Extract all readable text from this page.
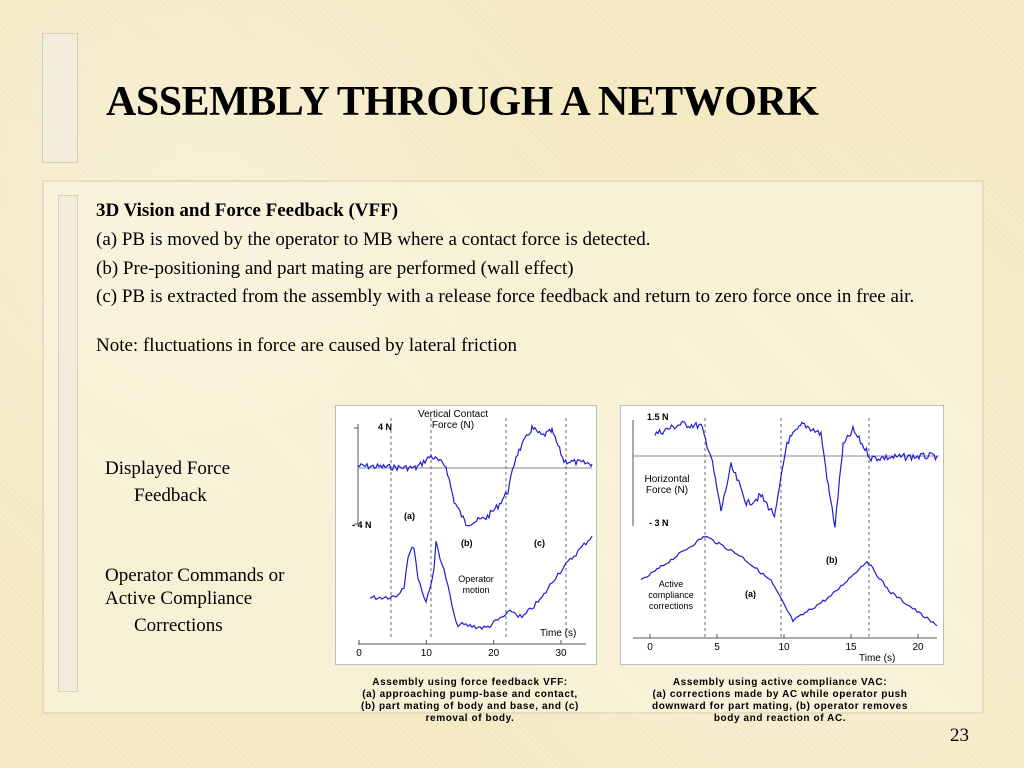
ASSEMBLY THROUGH A NETWORK

3D Vision and Force Feedback (VFF)

(a) PB is moved by the operator to MB where a contact force is detected.

(b) Pre-positioning and part mating are performed (wall effect)

(c) PB is extracted from the assembly with a release force feedback and return to zero force once in free air.

Note: fluctuations in force are caused by lateral friction

Displayed Force
Feedback
Operator Commands or
Active Compliance
Corrections
Vertical Contact
Force (N)
4 N
- 4 N
(a)
(b)	(c)
Operator
motion
Time (s)
0	10	20	30
1.5 N
- 3 N
Horizontal
Force (N)
(b)
(a)
Active
compliance
corrections
0	5	10	15	20
Time (s)
Assembly using force feedback VFF:
(a) approaching pump-base and contact,
(b) part mating of body and base, and (c)
removal of body.
Assembly using active compliance VAC:
(a) corrections made by AC while operator push
downward for part mating, (b) operator removes
body and reaction of AC.
23
